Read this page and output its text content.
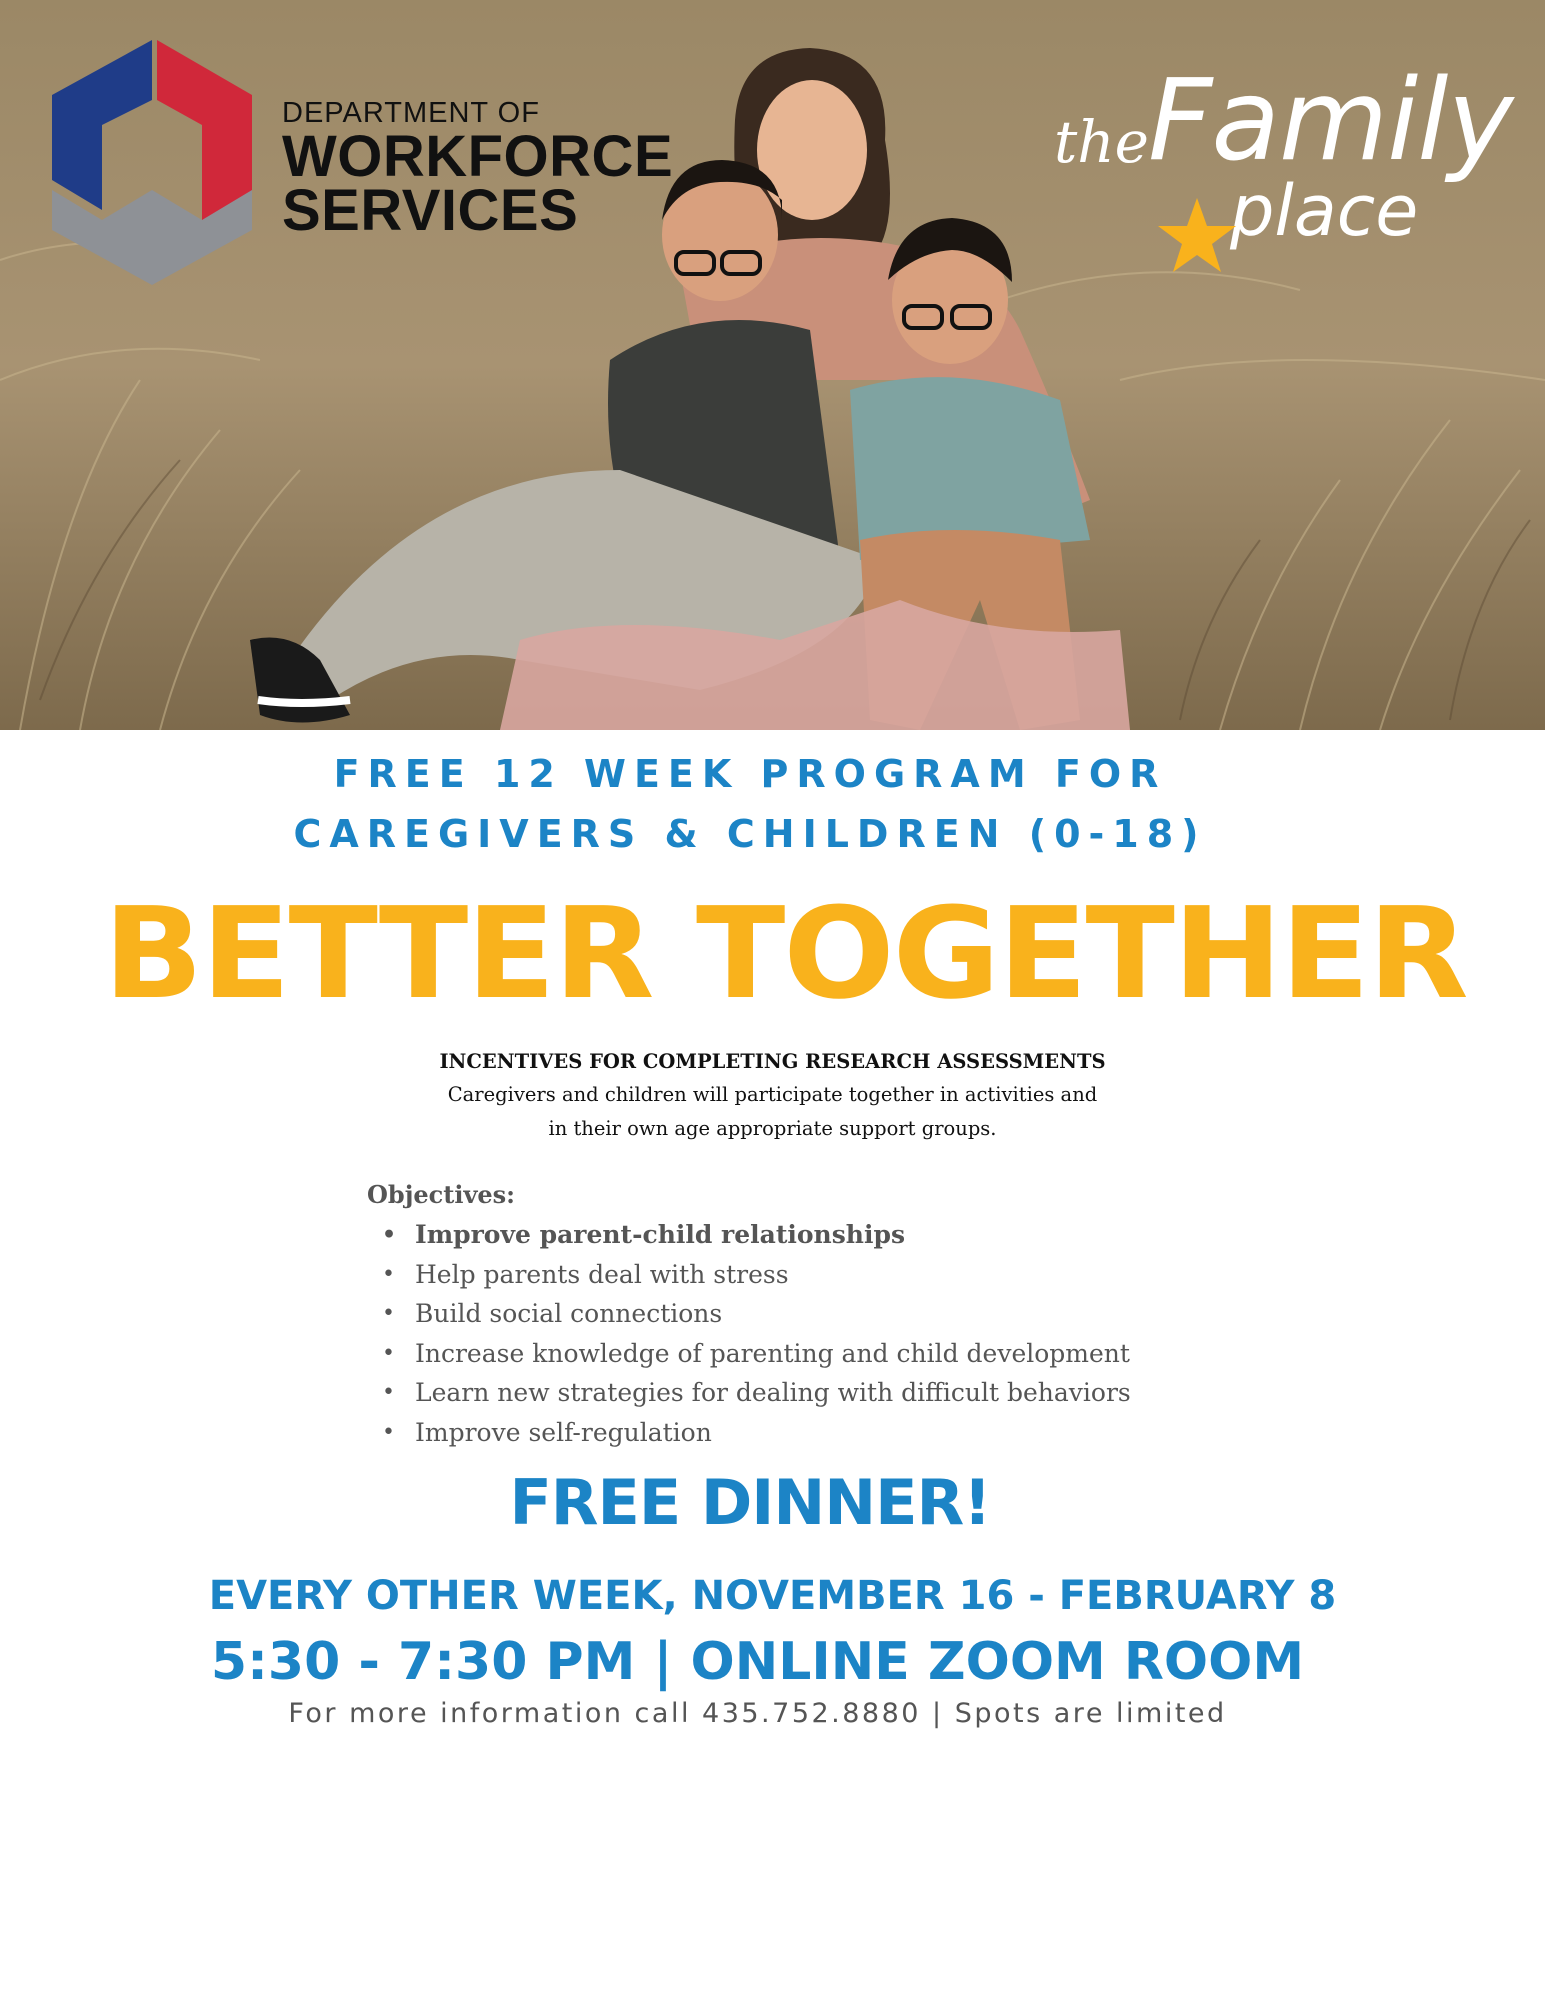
DEPARTMENT OF
WORKFORCE
SERVICES
the Family
place
FREE 12 WEEK PROGRAM FOR
CAREGIVERS & CHILDREN (0-18)
BETTER TOGETHER
INCENTIVES FOR COMPLETING RESEARCH ASSESSMENTS
Caregivers and children will participate together in activities and
in their own age appropriate support groups.
Objectives:
• Improve parent-child relationships
• Help parents deal with stress
• Build social connections
• Increase knowledge of parenting and child development
• Learn new strategies for dealing with difficult behaviors
• Improve self-regulation
FREE DINNER!
EVERY OTHER WEEK, NOVEMBER 16 - FEBRUARY 8
5:30 - 7:30 PM | ONLINE ZOOM ROOM
For more information call 435.752.8880 | Spots are limited
